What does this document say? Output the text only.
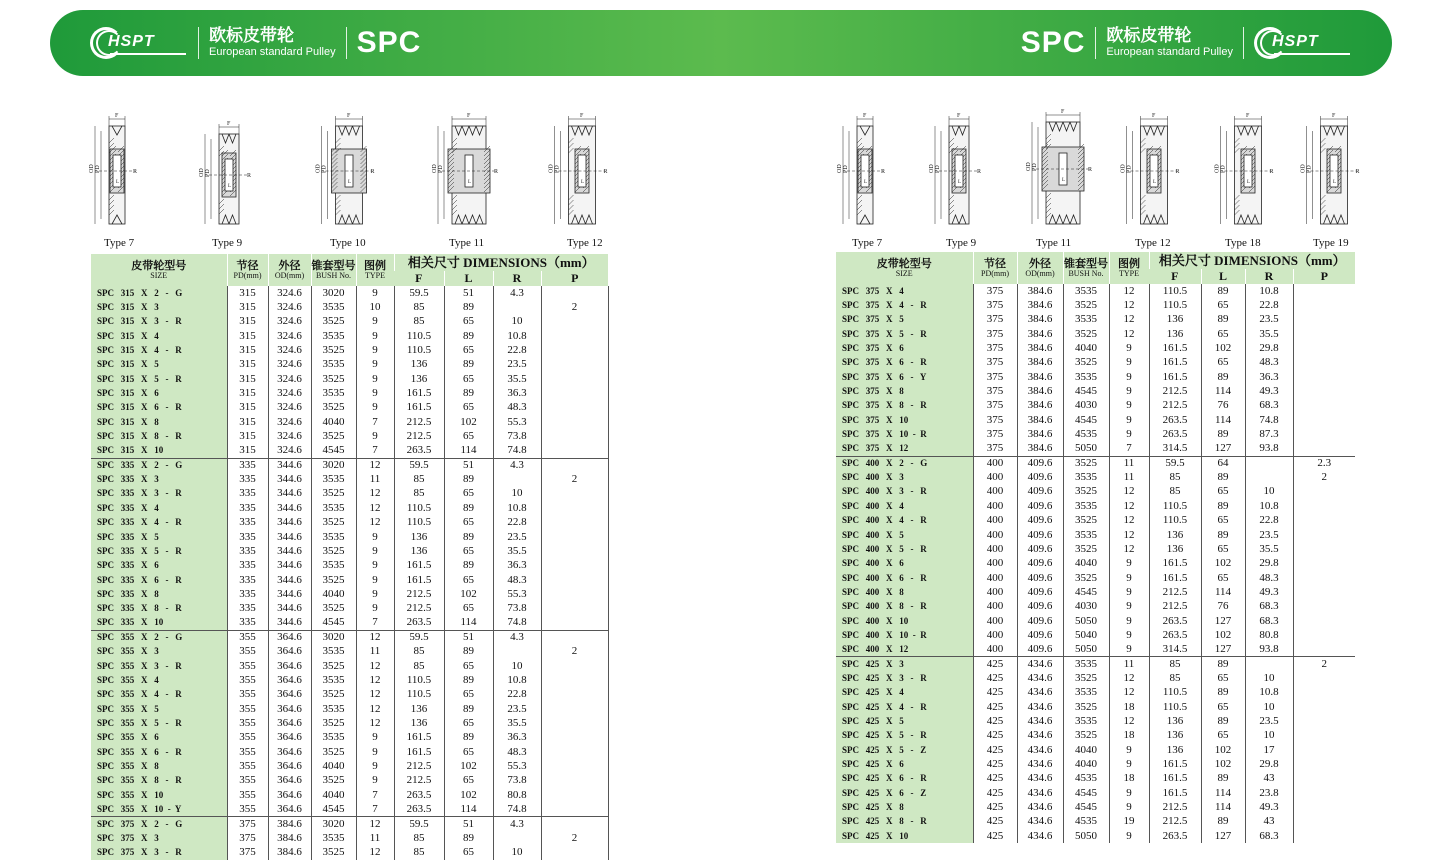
HSPT	欧标皮带轮
European standard Pulley SPC	SPC 欧标皮带轮
European standard Pulley
HSPT
F
OD PD	R
L
Type 7
F
OD PD	R
L
Type 9
F
OD PD	R
L
Type 10
F
OD PD	R
L
Type 11
F
OD PD	R
L
Type 12
F
OD PD	R
L
Type 7
F
OD PD	R
L
Type 9
F
OD PD	R
L
Type 11
F
OD PD	R
L
Type 12
F
OD PD	R
L
Type 18
F
OD PD	R
L
Type 19
皮带轮型号
SIZE	节径
PD(mm)	外径
OD(mm)	锥套型号
BUSH No.	图例
TYPE	相关尺寸 DIMENSIONS（mm）			
					F	L	R	P
SPC   315   X   2   -   G	315	324.6	3020	9	59.5	51	4.3	
SPC   315   X   3	315	324.6	3535	10	85	89		2
SPC   315   X   3   -   R	315	324.6	3525	9	85	65	10	
SPC   315   X   4	315	324.6	3535	9	110.5	89	10.8	
SPC   315   X   4   -   R	315	324.6	3525	9	110.5	65	22.8	
SPC   315   X   5	315	324.6	3535	9	136	89	23.5	
SPC   315   X   5   -   R	315	324.6	3525	9	136	65	35.5	
SPC   315   X   6	315	324.6	3535	9	161.5	89	36.3	
SPC   315   X   6   -   R	315	324.6	3525	9	161.5	65	48.3	
SPC   315   X   8	315	324.6	4040	7	212.5	102	55.3	
SPC   315   X   8   -   R	315	324.6	3525	9	212.5	65	73.8	
SPC   315   X   10	315	324.6	4545	7	263.5	114	74.8	
SPC   335   X   2   -   G	335	344.6	3020	12	59.5	51	4.3	
SPC   335   X   3	335	344.6	3535	11	85	89		2
SPC   335   X   3   -   R	335	344.6	3525	12	85	65	10	
SPC   335   X   4	335	344.6	3535	12	110.5	89	10.8	
SPC   335   X   4   -   R	335	344.6	3525	12	110.5	65	22.8	
SPC   335   X   5	335	344.6	3535	9	136	89	23.5	
SPC   335   X   5   -   R	335	344.6	3525	9	136	65	35.5	
SPC   335   X   6	335	344.6	3535	9	161.5	89	36.3	
SPC   335   X   6   -   R	335	344.6	3525	9	161.5	65	48.3	
SPC   335   X   8	335	344.6	4040	9	212.5	102	55.3	
SPC   335   X   8   -   R	335	344.6	3525	9	212.5	65	73.8	
SPC   335   X   10	335	344.6	4545	7	263.5	114	74.8	
SPC   355   X   2   -   G	355	364.6	3020	12	59.5	51	4.3	
SPC   355   X   3	355	364.6	3535	11	85	89		2
SPC   355   X   3   -   R	355	364.6	3525	12	85	65	10	
SPC   355   X   4	355	364.6	3535	12	110.5	89	10.8	
SPC   355   X   4   -   R	355	364.6	3525	12	110.5	65	22.8	
SPC   355   X   5	355	364.6	3535	12	136	89	23.5	
SPC   355   X   5   -   R	355	364.6	3525	12	136	65	35.5	
SPC   355   X   6	355	364.6	3535	9	161.5	89	36.3	
SPC   355   X   6   -   R	355	364.6	3525	9	161.5	65	48.3	
SPC   355   X   8	355	364.6	4040	9	212.5	102	55.3	
SPC   355   X   8   -   R	355	364.6	3525	9	212.5	65	73.8	
SPC   355   X   10	355	364.6	4040	7	263.5	102	80.8	
SPC   355   X   10  -  Y	355	364.6	4545	7	263.5	114	74.8	
SPC   375   X   2   -   G	375	384.6	3020	12	59.5	51	4.3	
SPC   375   X   3	375	384.6	3535	11	85	89		2
SPC   375   X   3   -   R	375	384.6	3525	12	85	65	10	
皮带轮型号
SIZE	节径
PD(mm)	外径
OD(mm)	锥套型号
BUSH No.	图例
TYPE	相关尺寸 DIMENSIONS（mm）			
					F	L	R	P
SPC   375   X   4	375	384.6	3535	12	110.5	89	10.8	
SPC   375   X   4   -   R	375	384.6	3525	12	110.5	65	22.8	
SPC   375   X   5	375	384.6	3535	12	136	89	23.5	
SPC   375   X   5   -   R	375	384.6	3525	12	136	65	35.5	
SPC   375   X   6	375	384.6	4040	9	161.5	102	29.8	
SPC   375   X   6   -   R	375	384.6	3525	9	161.5	65	48.3	
SPC   375   X   6   -   Y	375	384.6	3535	9	161.5	89	36.3	
SPC   375   X   8	375	384.6	4545	9	212.5	114	49.3	
SPC   375   X   8   -   R	375	384.6	4030	9	212.5	76	68.3	
SPC   375   X   10	375	384.6	4545	9	263.5	114	74.8	
SPC   375   X   10  -  R	375	384.6	4535	9	263.5	89	87.3	
SPC   375   X   12	375	384.6	5050	7	314.5	127	93.8	
SPC   400   X   2   -   G	400	409.6	3525	11	59.5	64		2.3
SPC   400   X   3	400	409.6	3535	11	85	89		2
SPC   400   X   3   -   R	400	409.6	3525	12	85	65	10	
SPC   400   X   4	400	409.6	3535	12	110.5	89	10.8	
SPC   400   X   4   -   R	400	409.6	3525	12	110.5	65	22.8	
SPC   400   X   5	400	409.6	3535	12	136	89	23.5	
SPC   400   X   5   -   R	400	409.6	3525	12	136	65	35.5	
SPC   400   X   6	400	409.6	4040	9	161.5	102	29.8	
SPC   400   X   6   -   R	400	409.6	3525	9	161.5	65	48.3	
SPC   400   X   8	400	409.6	4545	9	212.5	114	49.3	
SPC   400   X   8   -   R	400	409.6	4030	9	212.5	76	68.3	
SPC   400   X   10	400	409.6	5050	9	263.5	127	68.3	
SPC   400   X   10  -  R	400	409.6	5040	9	263.5	102	80.8	
SPC   400   X   12	400	409.6	5050	9	314.5	127	93.8	
SPC   425   X   3	425	434.6	3535	11	85	89		2
SPC   425   X   3   -   R	425	434.6	3525	12	85	65	10	
SPC   425   X   4	425	434.6	3535	12	110.5	89	10.8	
SPC   425   X   4   -   R	425	434.6	3525	18	110.5	65	10	
SPC   425   X   5	425	434.6	3535	12	136	89	23.5	
SPC   425   X   5   -   R	425	434.6	3525	18	136	65	10	
SPC   425   X   5   -   Z	425	434.6	4040	9	136	102	17	
SPC   425   X   6	425	434.6	4040	9	161.5	102	29.8	
SPC   425   X   6   -   R	425	434.6	4535	18	161.5	89	43	
SPC   425   X   6   -   Z	425	434.6	4545	9	161.5	114	23.8	
SPC   425   X   8	425	434.6	4545	9	212.5	114	49.3	
SPC   425   X   8   -   R	425	434.6	4535	19	212.5	89	43	
SPC   425   X   10	425	434.6	5050	9	263.5	127	68.3	
